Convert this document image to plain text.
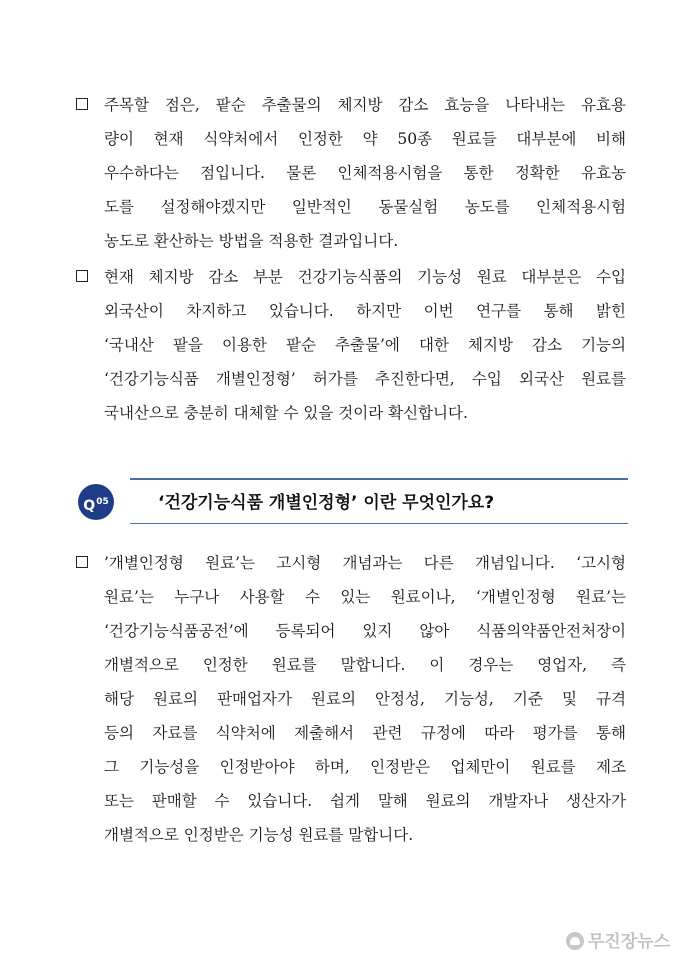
주목할 점은, 팥순 추출물의 체지방 감소 효능을 나타내는 유효용
량이 현재 식약처에서 인정한 약 50종 원료들 대부분에 비해
우수하다는 점입니다. 물론 인체적용시험을 통한 정확한 유효농
도를 설정해야겠지만 일반적인 동물실험 농도를 인체적용시험
농도로 환산하는 방법을 적용한 결과입니다.
현재 체지방 감소 부분 건강기능식품의 기능성 원료 대부분은 수입
외국산이 차지하고 있습니다. 하지만 이번 연구를 통해 밝힌
‘국내산 팥을 이용한 팥순 추출물’에 대한 체지방 감소 기능의
‘건강기능식품 개별인정형’ 허가를 추진한다면, 수입 외국산 원료를
국내산으로 충분히 대체할 수 있을 것이라 확신합니다.
$Q^{05}$	‘건강기능식품 개별인정형’ 이란 무엇인가요?
’개별인정형 원료’는 고시형 개념과는 다른 개념입니다. ‘고시형
원료’는 누구나 사용할 수 있는 원료이나, ‘개별인정형 원료’는
‘건강기능식품공전’에 등록되어 있지 않아 식품의약품안전처장이
개별적으로 인정한 원료를 말합니다. 이 경우는 영업자, 즉
해당 원료의 판매업자가 원료의 안정성, 기능성, 기준 및 규격
등의 자료를 식약처에 제출해서 관련 규정에 따라 평가를 통해
그 기능성을 인정받아야 하며, 인정받은 업체만이 원료를 제조
또는 판매할 수 있습니다. 쉽게 말해 원료의 개발자나 생산자가
개별적으로 인정받은 기능성 원료를 말합니다.
무진장뉴스
